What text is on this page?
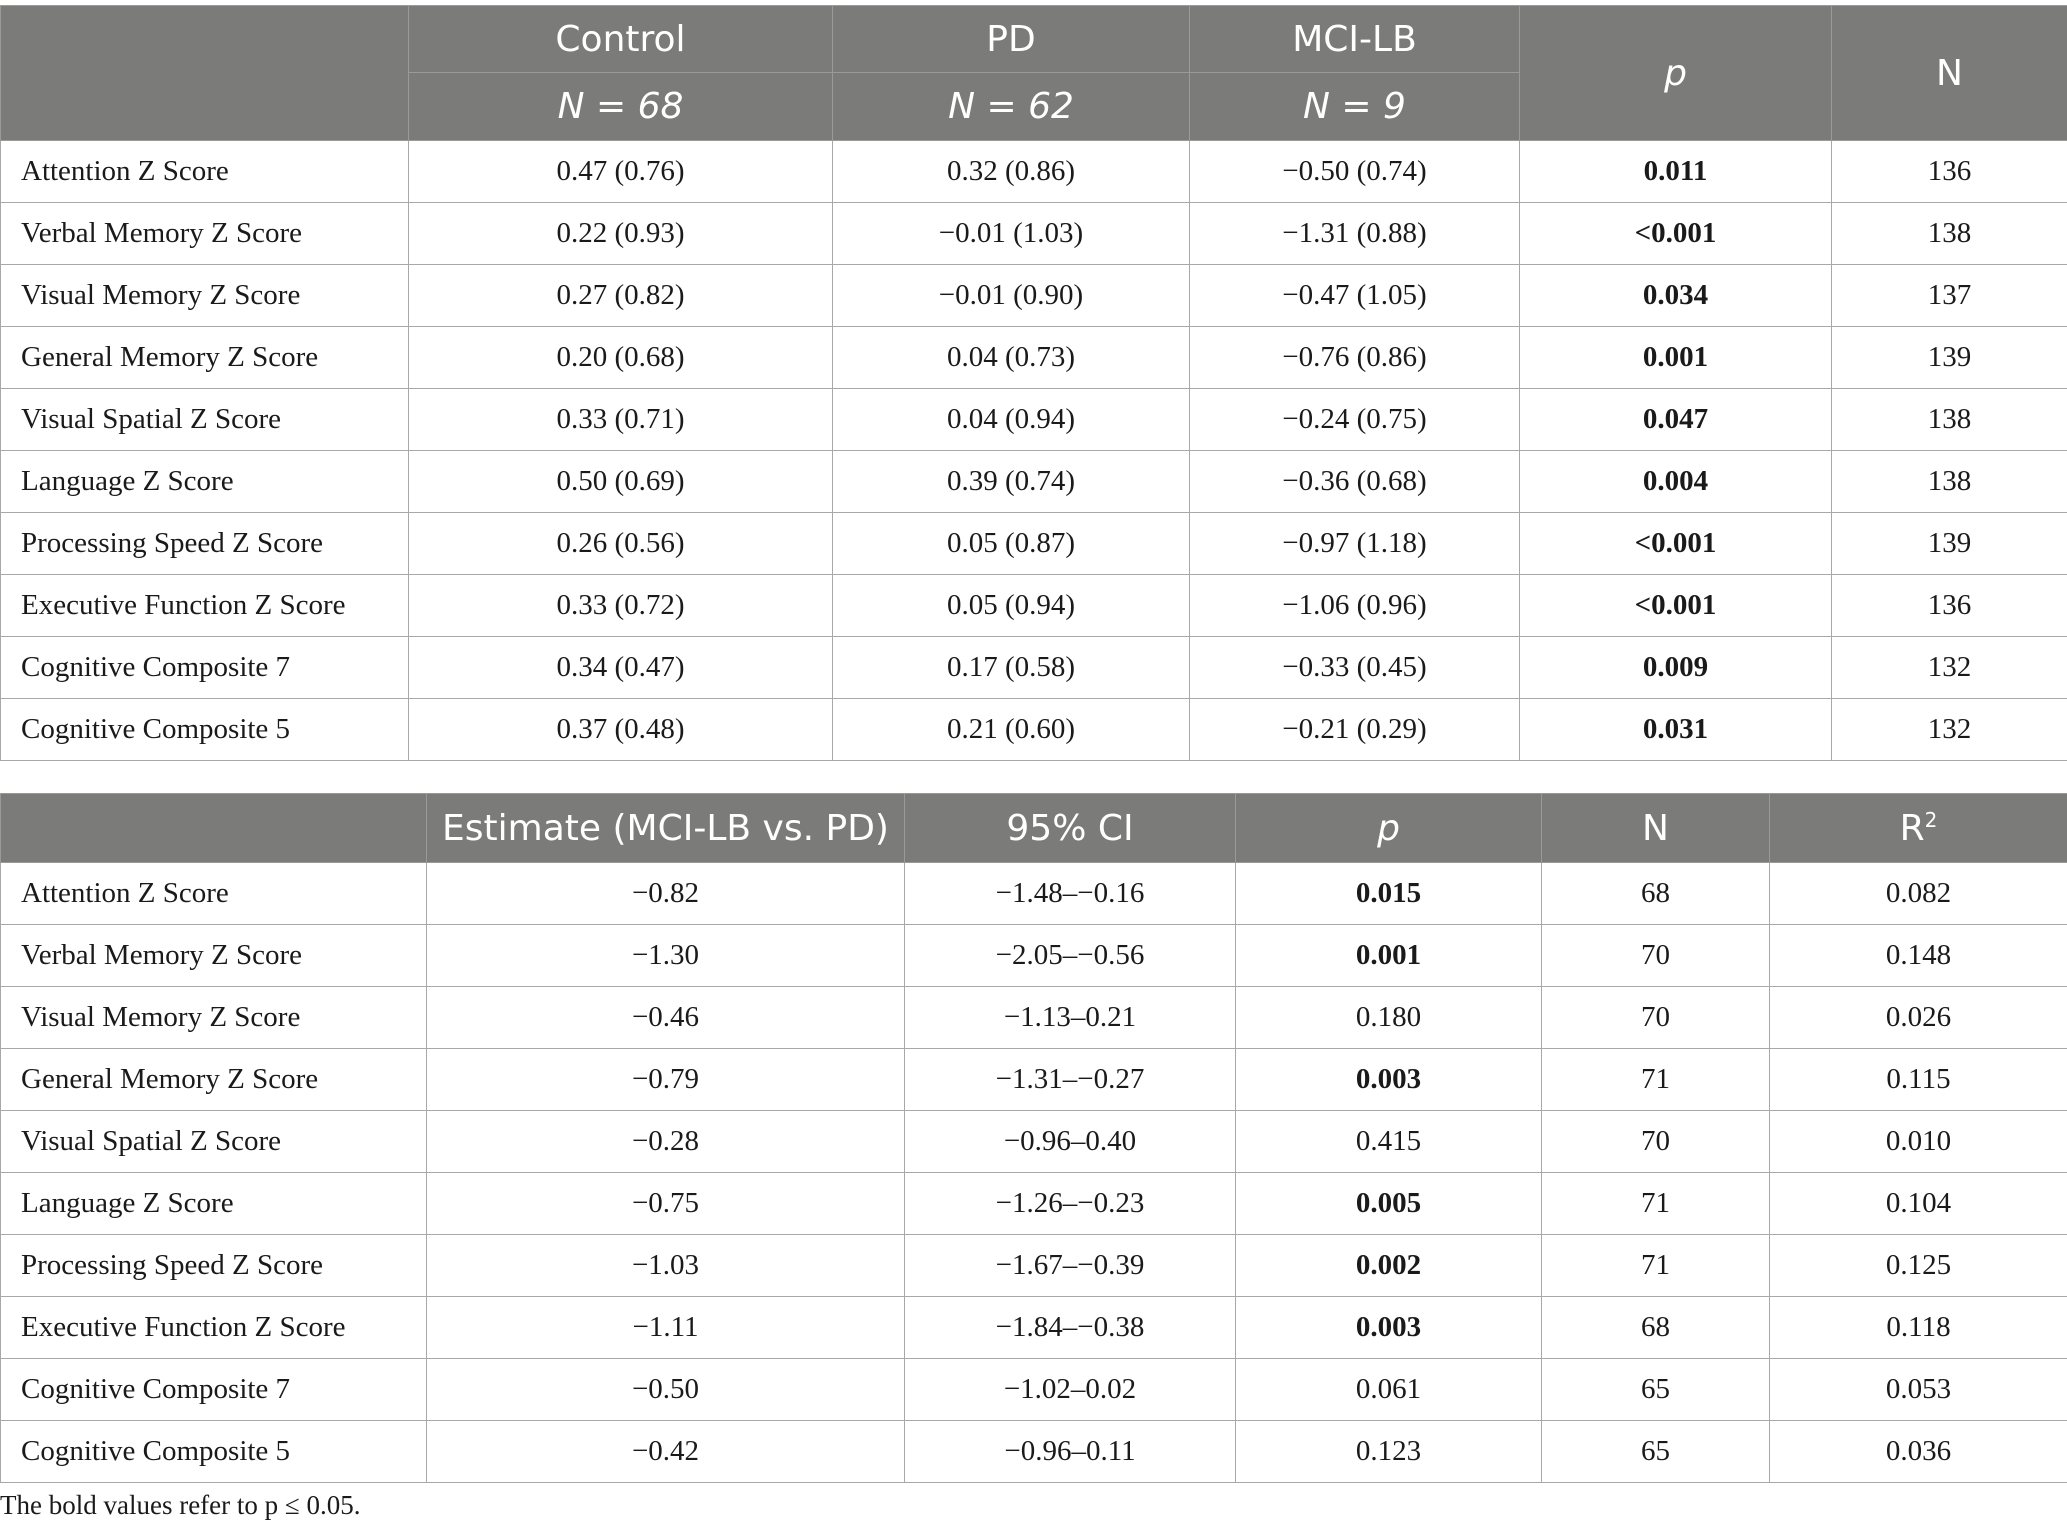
	Control	PD	MCI-LB	p	N
	N = 68	N = 62	N = 9		
Attention Z Score	0.47 (0.76)	0.32 (0.86)	−0.50 (0.74)	0.011	136
Verbal Memory Z Score	0.22 (0.93)	−0.01 (1.03)	−1.31 (0.88)	<0.001	138
Visual Memory Z Score	0.27 (0.82)	−0.01 (0.90)	−0.47 (1.05)	0.034	137
General Memory Z Score	0.20 (0.68)	0.04 (0.73)	−0.76 (0.86)	0.001	139
Visual Spatial Z Score	0.33 (0.71)	0.04 (0.94)	−0.24 (0.75)	0.047	138
Language Z Score	0.50 (0.69)	0.39 (0.74)	−0.36 (0.68)	0.004	138
Processing Speed Z Score	0.26 (0.56)	0.05 (0.87)	−0.97 (1.18)	<0.001	139
Executive Function Z Score	0.33 (0.72)	0.05 (0.94)	−1.06 (0.96)	<0.001	136
Cognitive Composite 7	0.34 (0.47)	0.17 (0.58)	−0.33 (0.45)	0.009	132
Cognitive Composite 5	0.37 (0.48)	0.21 (0.60)	−0.21 (0.29)	0.031	132
	Estimate (MCI-LB vs. PD)	95% CI	p	N	$R^2$
Attention Z Score	−0.82	−1.48–−0.16	0.015	68	0.082
Verbal Memory Z Score	−1.30	−2.05–−0.56	0.001	70	0.148
Visual Memory Z Score	−0.46	−1.13–0.21	0.180	70	0.026
General Memory Z Score	−0.79	−1.31–−0.27	0.003	71	0.115
Visual Spatial Z Score	−0.28	−0.96–0.40	0.415	70	0.010
Language Z Score	−0.75	−1.26–−0.23	0.005	71	0.104
Processing Speed Z Score	−1.03	−1.67–−0.39	0.002	71	0.125
Executive Function Z Score	−1.11	−1.84–−0.38	0.003	68	0.118
Cognitive Composite 7	−0.50	−1.02–0.02	0.061	65	0.053
Cognitive Composite 5	−0.42	−0.96–0.11	0.123	65	0.036
The bold values refer to p ≤ 0.05.
